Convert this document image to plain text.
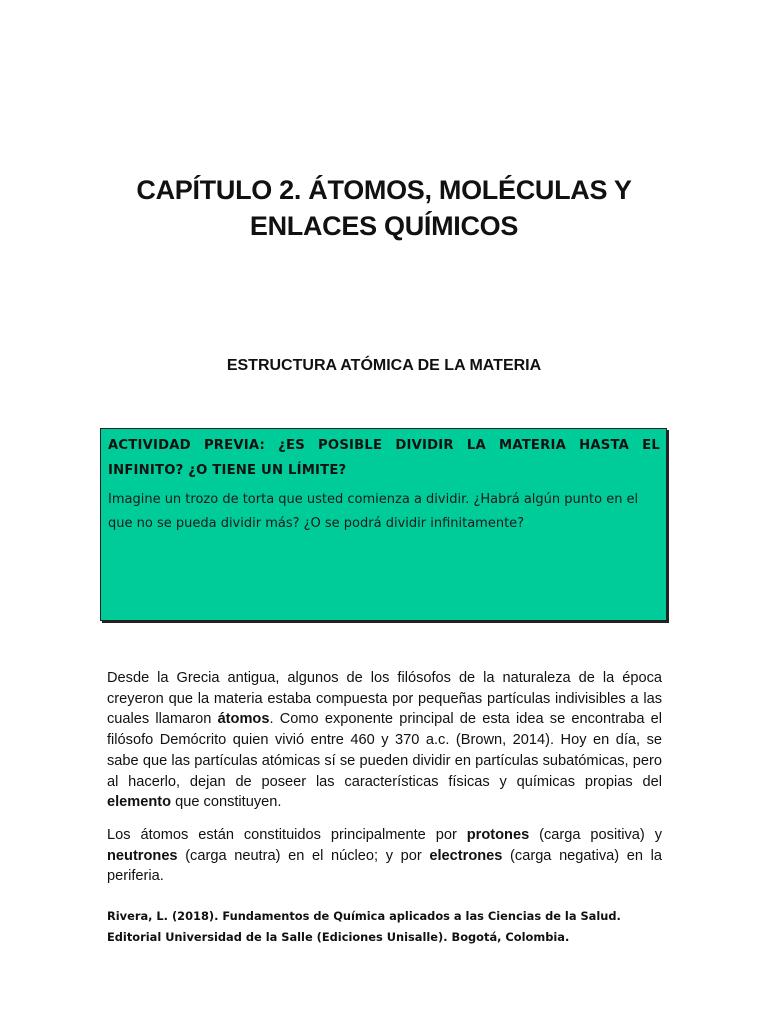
CAPÍTULO 2. ÁTOMOS, MOLÉCULAS Y
ENLACES QUÍMICOS
ESTRUCTURA ATÓMICA DE LA MATERIA

ACTIVIDAD PREVIA: ¿ES POSIBLE DIVIDIR LA MATERIA HASTA EL INFINITO? ¿O TIENE UN LÍMITE?

Imagine un trozo de torta que usted comienza a dividir. ¿Habrá algún punto en el que no se pueda dividir más? ¿O se podrá dividir infinitamente?

Desde la Grecia antigua, algunos de los filósofos de la naturaleza de la época creyeron que la materia estaba compuesta por pequeñas partículas indivisibles a las cuales llamaron átomos. Como exponente principal de esta idea se encontraba el filósofo Demócrito quien vivió entre 460 y 370 a.c. (Brown, 2014). Hoy en día, se sabe que las partículas atómicas sí se pueden dividir en partículas subatómicas, pero al hacerlo, dejan de poseer las características físicas y químicas propias del elemento que constituyen.

Los átomos están constituidos principalmente por protones (carga positiva) y neutrones (carga neutra) en el núcleo; y por electrones (carga negativa) en la periferia.

Rivera, L. (2018). Fundamentos de Química aplicados a las Ciencias de la Salud. Editorial Universidad de la Salle (Ediciones Unisalle). Bogotá, Colombia.
